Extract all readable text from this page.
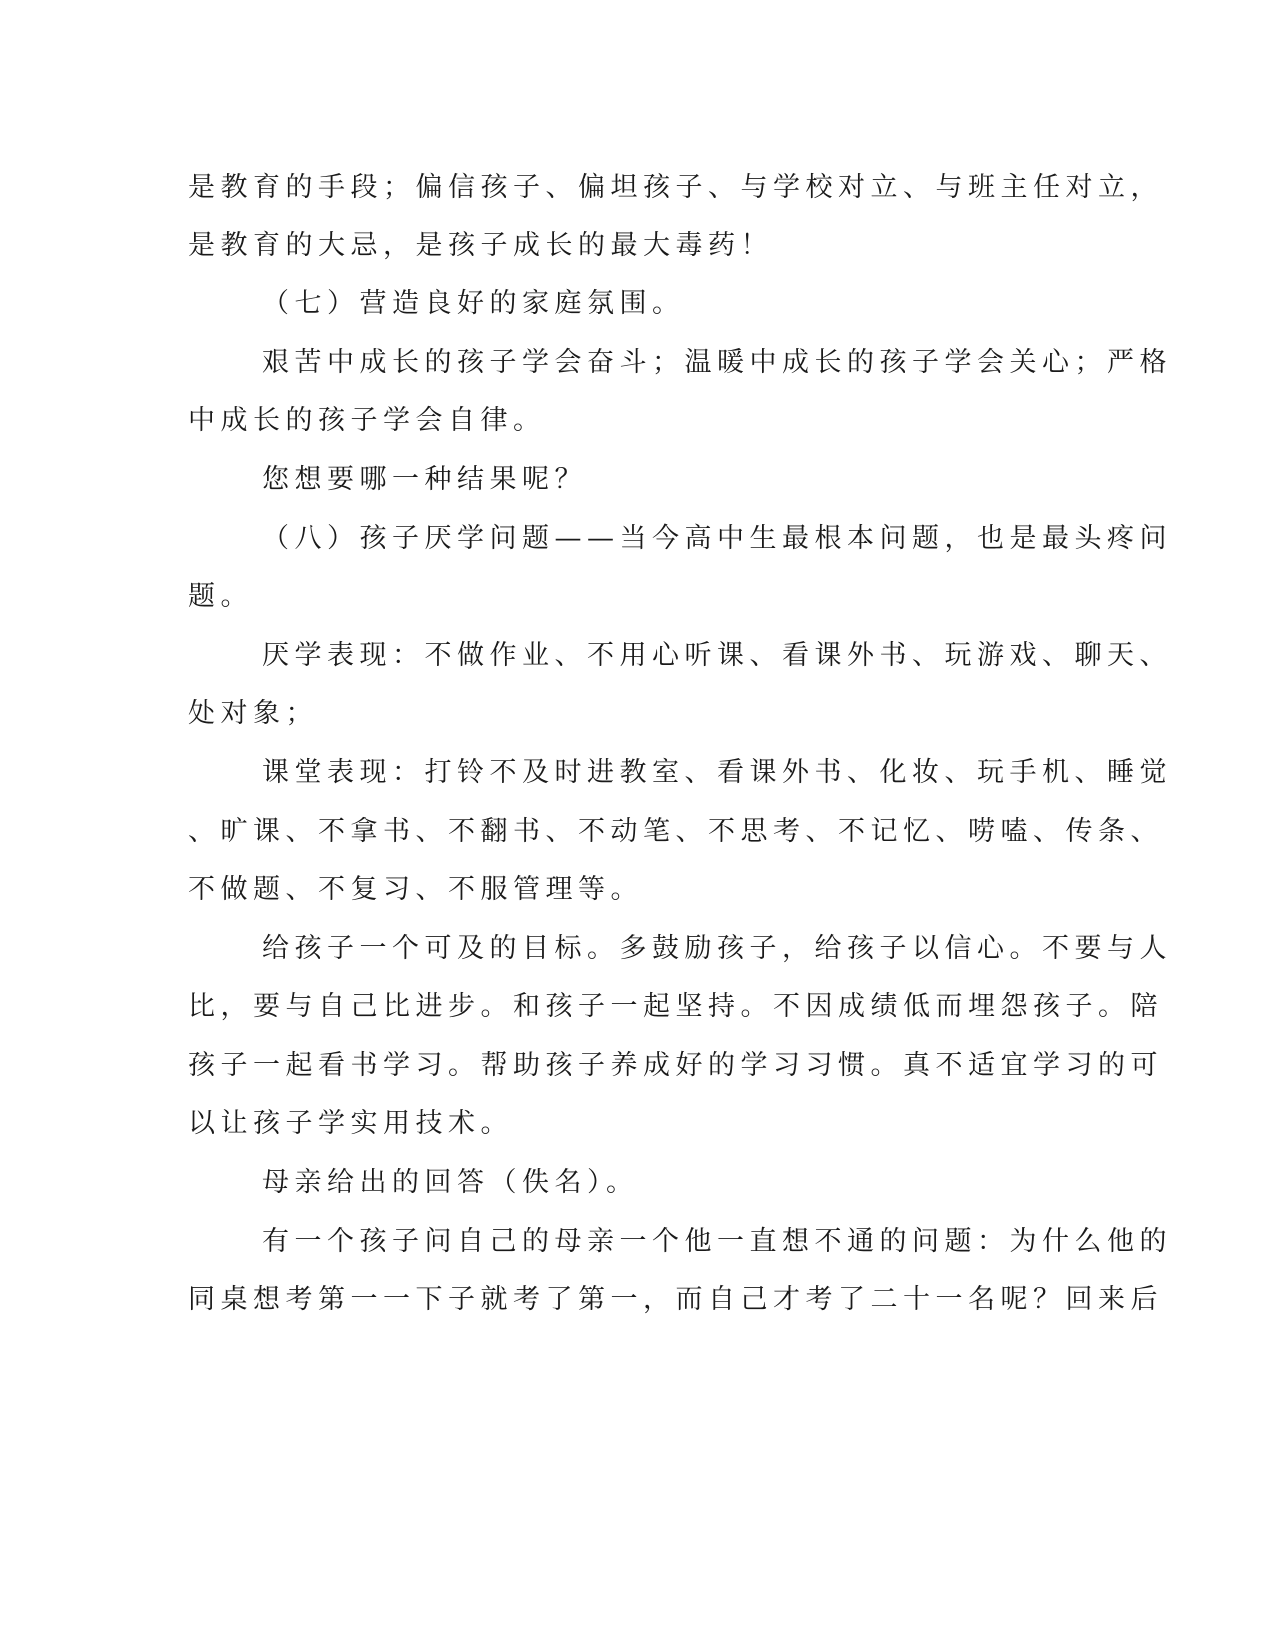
是教育的手段；偏信孩子、偏坦孩子、与学校对立、与班主任对立，
是教育的大忌，是孩子成长的最大毒药！
（七）营造良好的家庭氛围。
艰苦中成长的孩子学会奋斗；温暖中成长的孩子学会关心；严格
中成长的孩子学会自律。
您想要哪一种结果呢？
（八）孩子厌学问题——当今高中生最根本问题，也是最头疼问
题。
厌学表现：不做作业、不用心听课、看课外书、玩游戏、聊天、
处对象；
课堂表现：打铃不及时进教室、看课外书、化妆、玩手机、睡觉
、旷课、不拿书、不翻书、不动笔、不思考、不记忆、唠嗑、传条、
不做题、不复习、不服管理等。
给孩子一个可及的目标。多鼓励孩子，给孩子以信心。不要与人
比，要与自己比进步。和孩子一起坚持。不因成绩低而埋怨孩子。陪
孩子一起看书学习。帮助孩子养成好的学习习惯。真不适宜学习的可
以让孩子学实用技术。
母亲给出的回答（佚名）。
有一个孩子问自己的母亲一个他一直想不通的问题：为什么他的
同桌想考第一一下子就考了第一，而自己才考了二十一名呢？回来后
